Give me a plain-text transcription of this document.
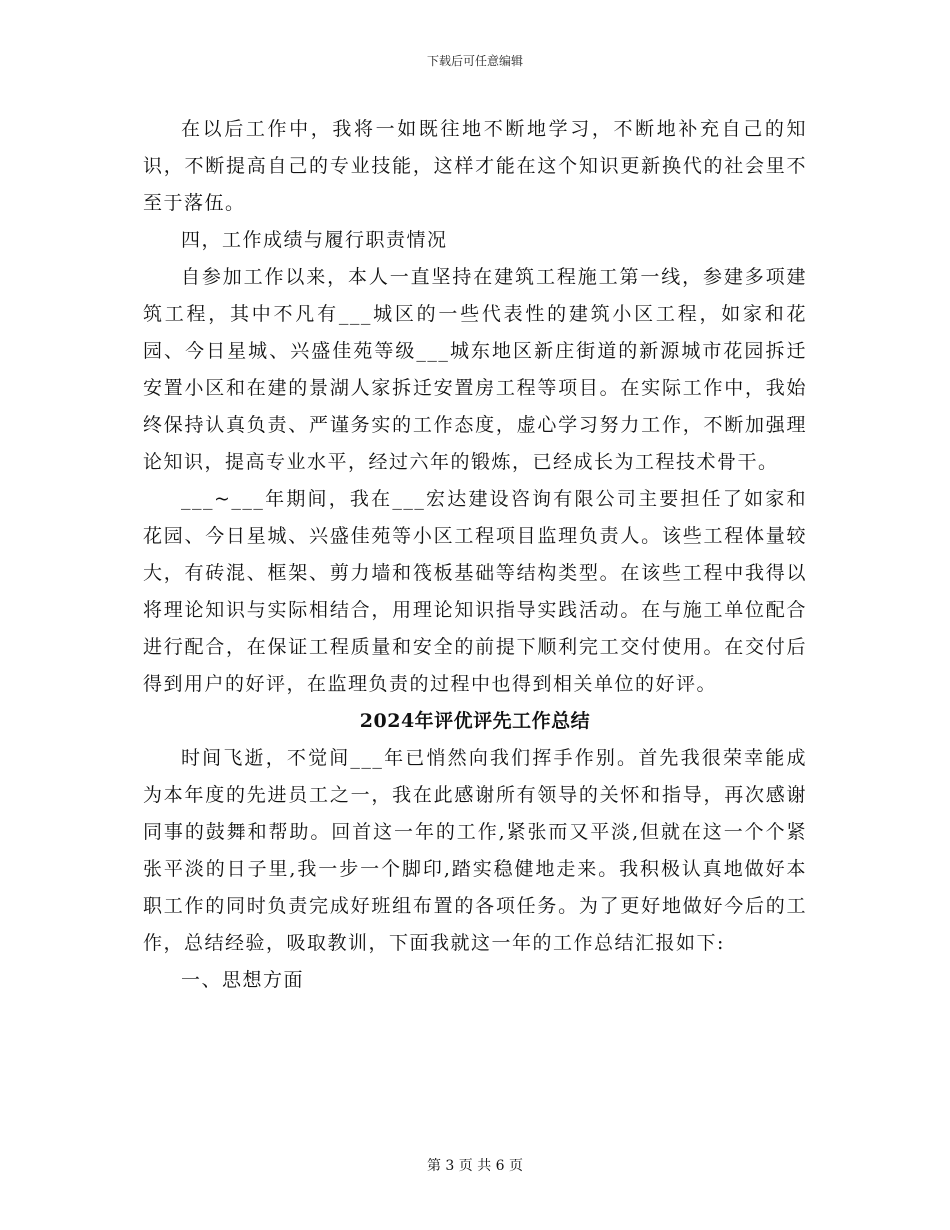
下载后可任意编辑

在以后工作中，我将一如既往地不断地学习，不断地补充自己的知识，不断提高自己的专业技能，这样才能在这个知识更新换代的社会里不至于落伍。

四，工作成绩与履行职责情况

自参加工作以来，本人一直坚持在建筑工程施工第一线，参建多项建筑工程，其中不凡有___城区的一些代表性的建筑小区工程，如家和花园、今日星城、兴盛佳苑等级___城东地区新庄街道的新源城市花园拆迁安置小区和在建的景湖人家拆迁安置房工程等项目。在实际工作中，我始终保持认真负责、严谨务实的工作态度，虚心学习努力工作，不断加强理论知识，提高专业水平，经过六年的锻炼，已经成长为工程技术骨干。

___~___年期间，我在___宏达建设咨询有限公司主要担任了如家和花园、今日星城、兴盛佳苑等小区工程项目监理负责人。该些工程体量较大，有砖混、框架、剪力墙和筏板基础等结构类型。在该些工程中我得以将理论知识与实际相结合，用理论知识指导实践活动。在与施工单位配合进行配合，在保证工程质量和安全的前提下顺利完工交付使用。在交付后得到用户的好评，在监理负责的过程中也得到相关单位的好评。

2024年评优评先工作总结

时间飞逝，不觉间___年已悄然向我们挥手作别。首先我很荣幸能成为本年度的先进员工之一，我在此感谢所有领导的关怀和指导，再次感谢同事的鼓舞和帮助。回首这一年的工作,紧张而又平淡,但就在这一个个紧张平淡的日子里,我一步一个脚印,踏实稳健地走来。我积极认真地做好本职工作的同时负责完成好班组布置的各项任务。为了更好地做好今后的工作，总结经验，吸取教训，下面我就这一年的工作总结汇报如下:

一、思想方面

第 3 页 共 6 页
